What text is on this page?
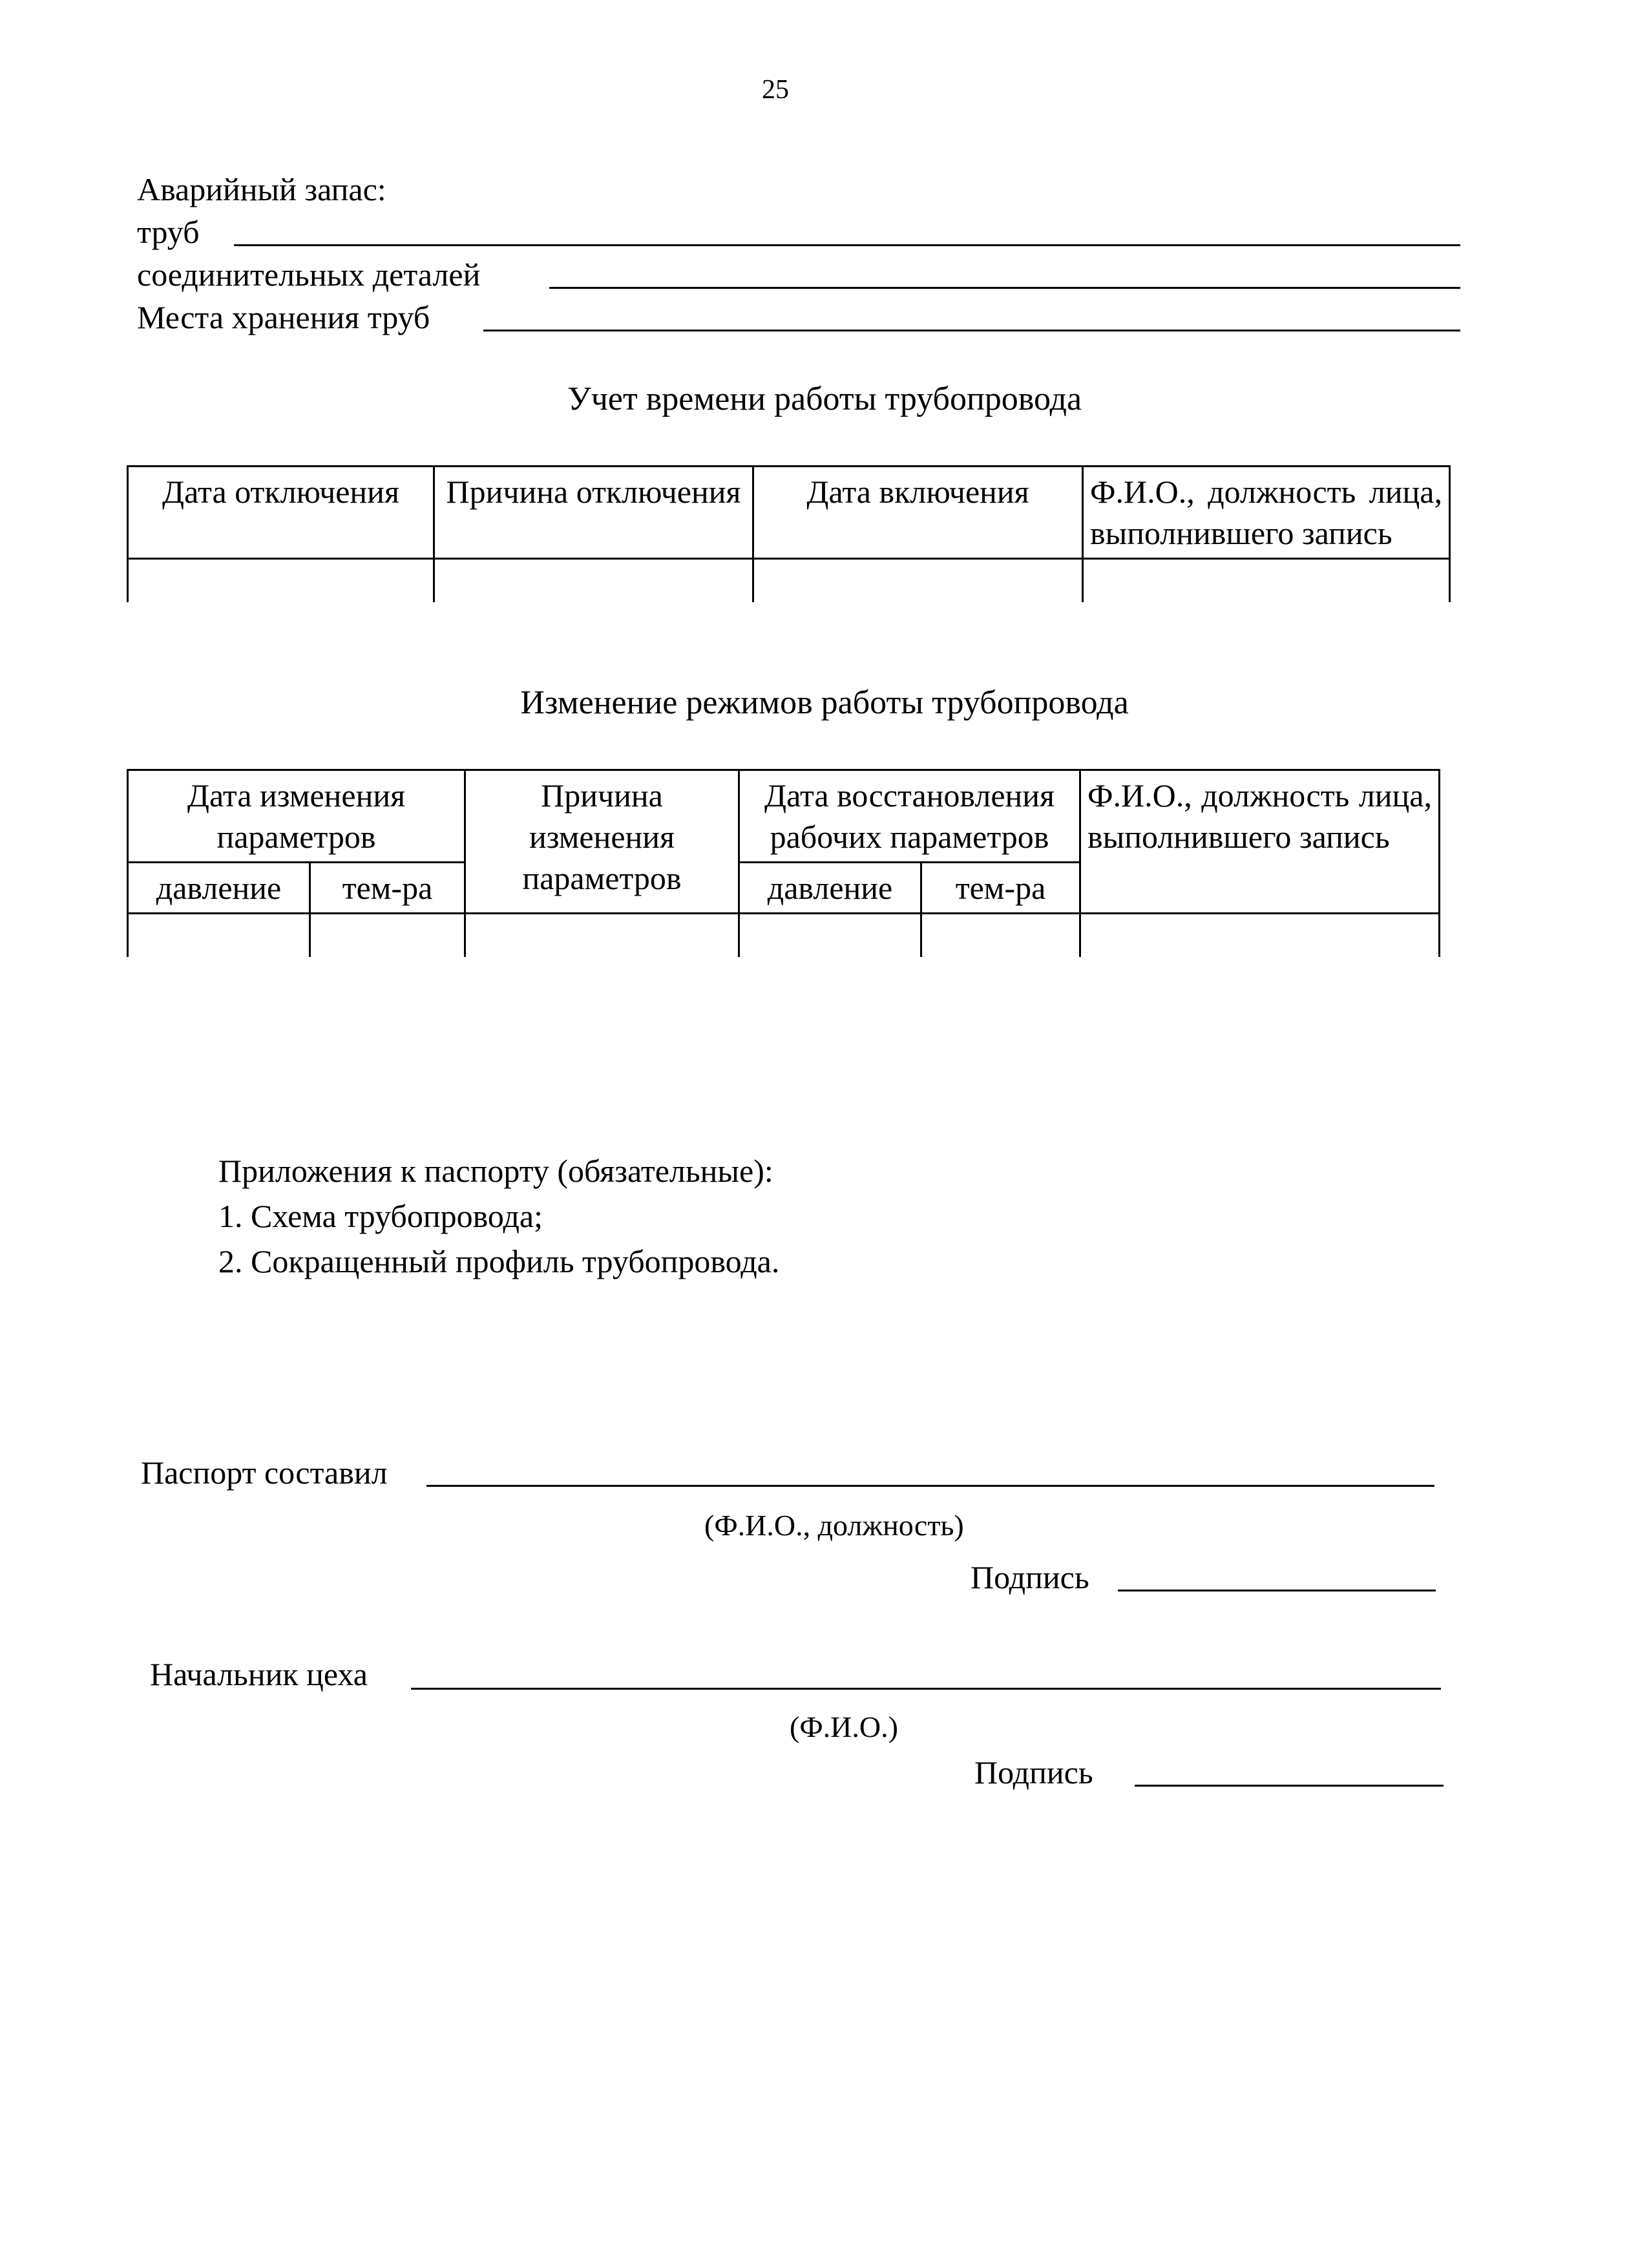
25
Аварийный запас:
труб
соединительных деталей
Места хранения труб
Учет времени работы трубопровода
Дата отключения	Причина отключения	Дата включения	Ф.И.О., должность лица, выполнившего запись

Изменение режимов работы трубопровода
Дата изменения параметров		Причина изменения параметров	Дата восстановления рабочих параметров		Ф.И.О., должность лица, выполнившего запись
давление	тем-ра		давление	тем-ра	

Приложения к паспорту (обязательные):
1. Схема трубопровода;
2. Сокращенный профиль трубопровода.
Паспорт составил
(Ф.И.О., должность)
Подпись
Начальник цеха
(Ф.И.О.)
Подпись
